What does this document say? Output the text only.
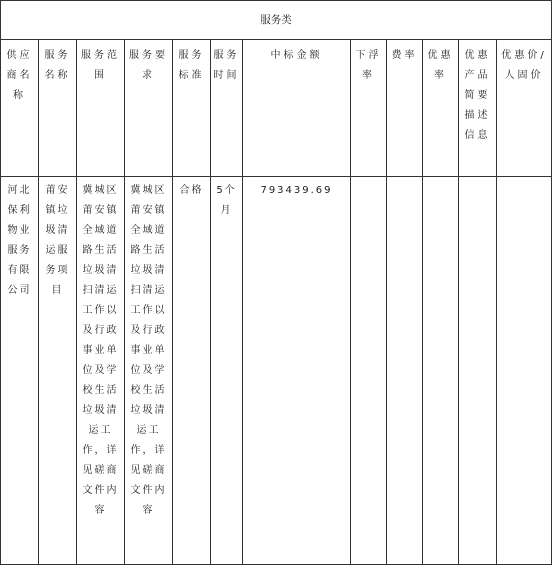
服务类											

供应商名称	服务名称	服务范围	服务要求	服务标准	服务时间	中标金额	下浮率	费率	优惠率	优惠产品简要描述信息	优惠价/人固价

河北保利物业服务有限公司	莆安镇垃圾清运服务项目	冀城区莆安镇全域道路生活垃圾清扫清运工作以及行政事业单位及学校生活垃圾清运工作，详见磋商文件内容	冀城区莆安镇全域道路生活垃圾清扫清运工作以及行政事业单位及学校生活垃圾清运工作，详见磋商文件内容	合格	5个月	793439.69					
